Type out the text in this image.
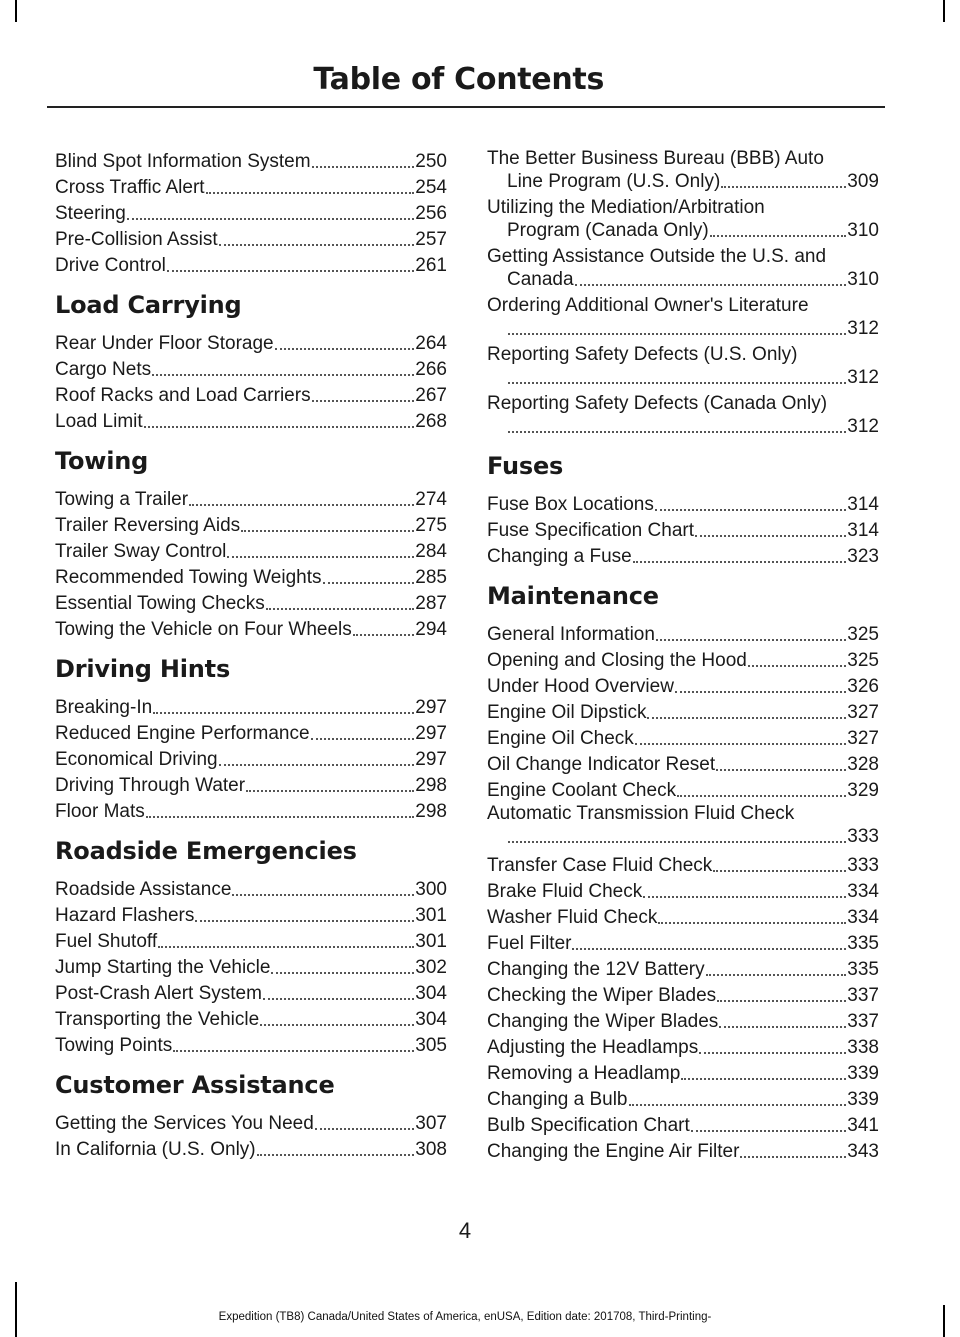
Table of Contents
Blind Spot Information System	250
Cross Traffic Alert	254
Steering	256
Pre-Collision Assist	257
Drive Control	261
Load Carrying
Rear Under Floor Storage	264
Cargo Nets	266
Roof Racks and Load Carriers	267
Load Limit	268
Towing
Towing a Trailer	274
Trailer Reversing Aids	275
Trailer Sway Control	284
Recommended Towing Weights	285
Essential Towing Checks	287
Towing the Vehicle on Four Wheels	294
Driving Hints
Breaking-In	297
Reduced Engine Performance	297
Economical Driving	297
Driving Through Water	298
Floor Mats	298
Roadside Emergencies
Roadside Assistance	300
Hazard Flashers	301
Fuel Shutoff	301
Jump Starting the Vehicle	302
Post-Crash Alert System	304
Transporting the Vehicle	304
Towing Points	305
Customer Assistance
Getting the Services You Need	307
In California (U.S. Only)	308
The Better Business Bureau (BBB) Auto
Line Program (U.S. Only)	309
Utilizing the Mediation/Arbitration
Program (Canada Only)	310
Getting Assistance Outside the U.S. and
Canada	310
Ordering Additional Owner's Literature
312
Reporting Safety Defects (U.S. Only)
312
Reporting Safety Defects (Canada Only)
312
Fuses
Fuse Box Locations	314
Fuse Specification Chart	314
Changing a Fuse	323
Maintenance
General Information	325
Opening and Closing the Hood	325
Under Hood Overview	326
Engine Oil Dipstick	327
Engine Oil Check	327
Oil Change Indicator Reset	328
Engine Coolant Check	329
Automatic Transmission Fluid Check
333
Transfer Case Fluid Check	333
Brake Fluid Check	334
Washer Fluid Check	334
Fuel Filter	335
Changing the 12V Battery	335
Checking the Wiper Blades	337
Changing the Wiper Blades	337
Adjusting the Headlamps	338
Removing a Headlamp	339
Changing a Bulb	339
Bulb Specification Chart	341
Changing the Engine Air Filter	343
4
Expedition (TB8) Canada/United States of America, enUSA, Edition date: 201708, Third-Printing-
